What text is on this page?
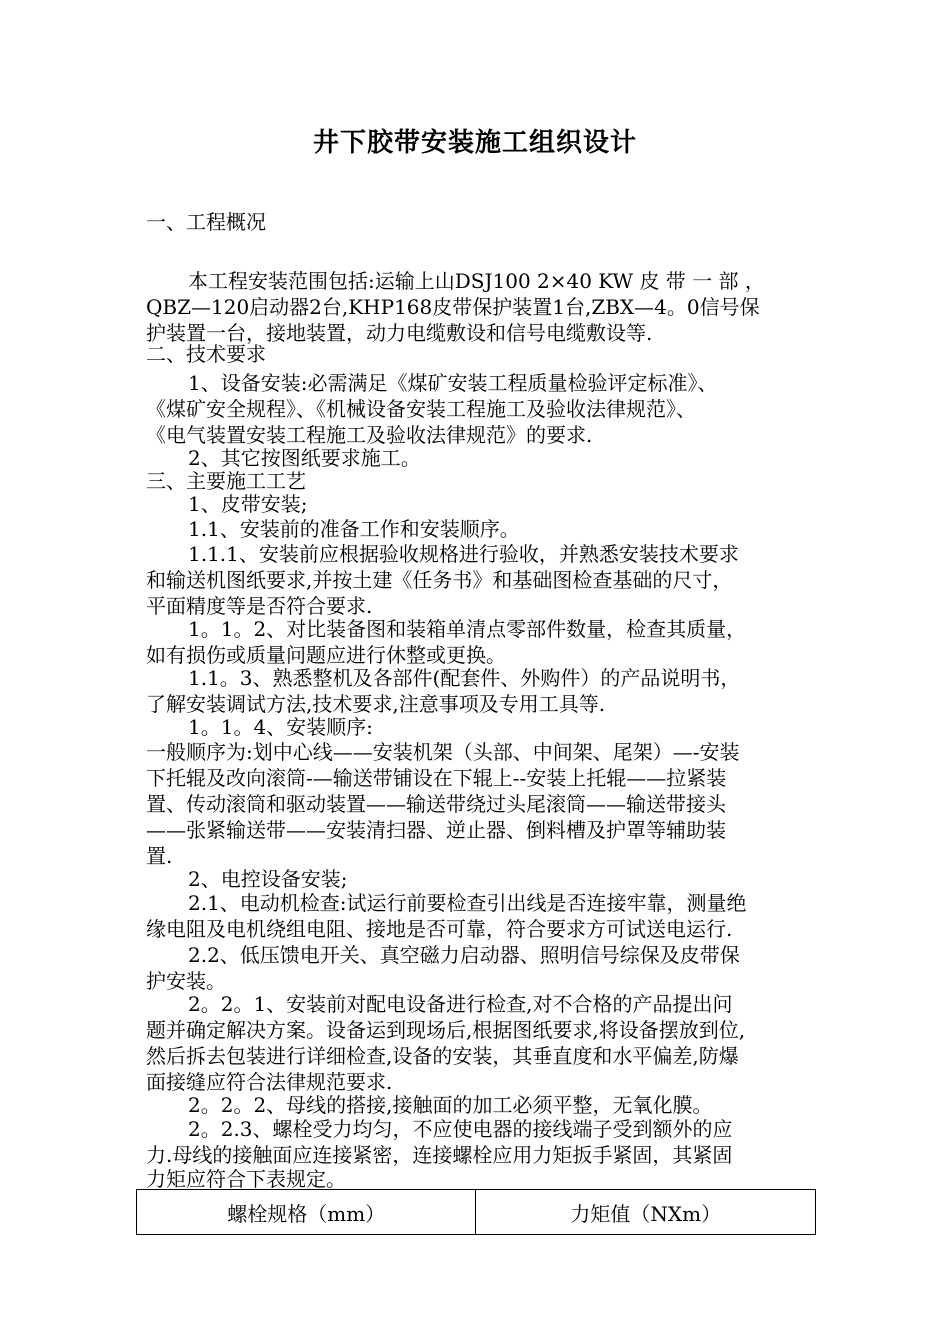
井下胶带安装施工组织设计
一、工程概况
本工程安装范围包括:运输上山DSJ100 2×40 KW 皮 带 一 部 ，
QBZ—120启动器2台,KHP168皮带保护装置1台,ZBX—4。0信号保
护装置一台，接地装置，动力电缆敷设和信号电缆敷设等.
二、技术要求
1、设备安装:必需满足《煤矿安装工程质量检验评定标准》、
《煤矿安全规程》、《机械设备安装工程施工及验收法律规范》、
《电气装置安装工程施工及验收法律规范》的要求.
2、其它按图纸要求施工。
三、主要施工工艺
1、皮带安装;
1.1、安装前的准备工作和安装顺序。
1.1.1、安装前应根据验收规格进行验收，并熟悉安装技术要求
和输送机图纸要求,并按土建《任务书》和基础图检查基础的尺寸，
平面精度等是否符合要求.
1。1。2、对比装备图和装箱单清点零部件数量，检查其质量，
如有损伤或质量问题应进行休整或更换。
1.1。3、熟悉整机及各部件(配套件、外购件）的产品说明书，
了解安装调试方法,技术要求,注意事项及专用工具等.
1。1。4、安装顺序:
一般顺序为:划中心线——安装机架（头部、中间架、尾架）—-安装
下托辊及改向滚筒-—输送带铺设在下辊上--安装上托辊——拉紧装
置、传动滚筒和驱动装置——输送带绕过头尾滚筒——输送带接头
——张紧输送带——安装清扫器、逆止器、倒料槽及护罩等辅助装
置.
2、电控设备安装;
2.1、电动机检查:试运行前要检查引出线是否连接牢靠，测量绝
缘电阻及电机绕组电阻、接地是否可靠，符合要求方可试送电运行.
2.2、低压馈电开关、真空磁力启动器、照明信号综保及皮带保
护安装。
2。2。1、安装前对配电设备进行检查,对不合格的产品提出问
题并确定解决方案。设备运到现场后,根据图纸要求,将设备摆放到位,
然后拆去包装进行详细检查,设备的安装，其垂直度和水平偏差,防爆
面接缝应符合法律规范要求.
2。2。2、母线的搭接,接触面的加工必须平整，无氧化膜。
2。2.3、螺栓受力均匀，不应使电器的接线端子受到额外的应
力.母线的接触面应连接紧密，连接螺栓应用力矩扳手紧固，其紧固
力矩应符合下表规定。
螺栓规格（mm）	力矩值（NXm）
